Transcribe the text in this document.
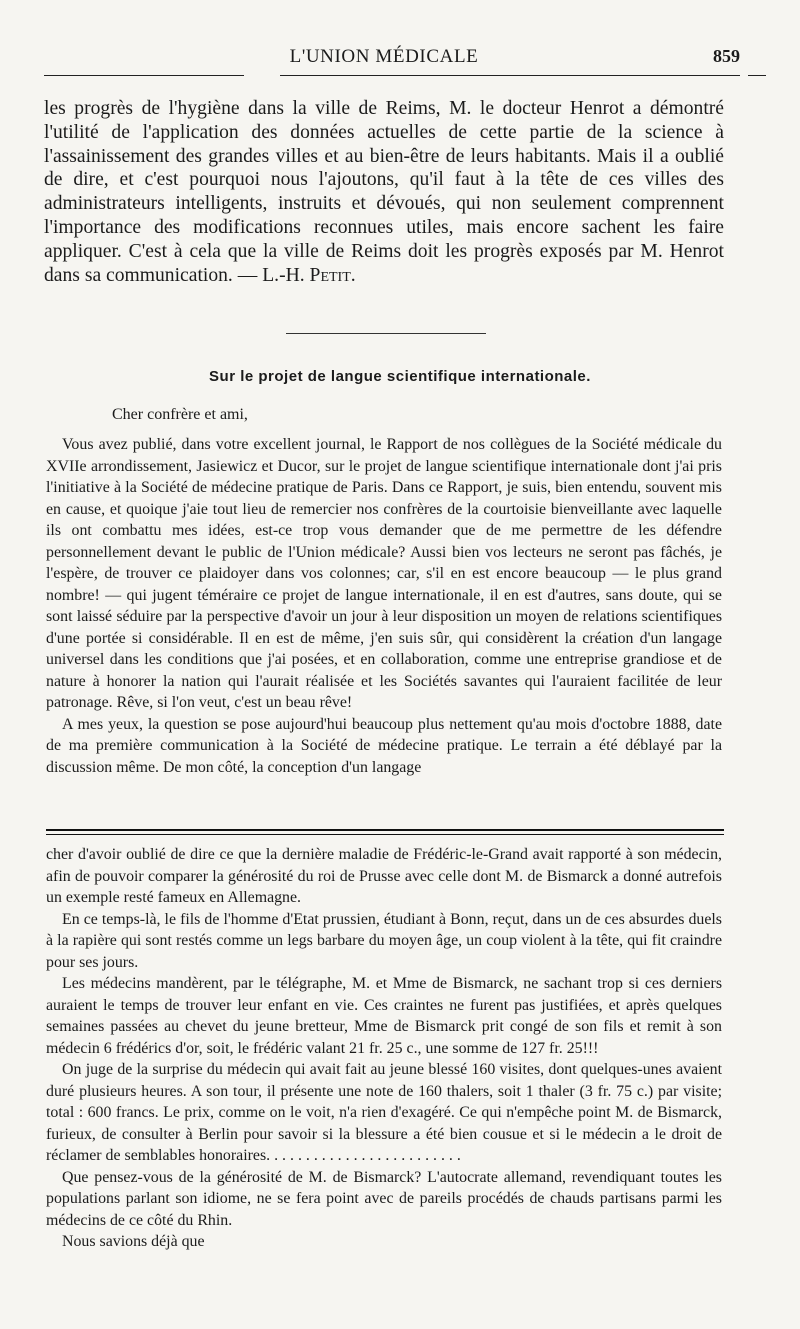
L'UNION MÉDICALE	859

les progrès de l'hygiène dans la ville de Reims, M. le docteur Henrot a démontré l'utilité de l'application des données actuelles de cette partie de la science à l'assainissement des grandes villes et au bien-être de leurs habitants. Mais il a oublié de dire, et c'est pourquoi nous l'ajoutons, qu'il faut à la tête de ces villes des administrateurs intelligents, instruits et dévoués, qui non seulement comprennent l'importance des modifications reconnues utiles, mais encore sachent les faire appliquer. C'est à cela que la ville de Reims doit les progrès exposés par M. Henrot dans sa communication. — L.-H. Petit.

Sur le projet de langue scientifique internationale.

Cher confrère et ami,

Vous avez publié, dans votre excellent journal, le Rapport de nos collègues de la Société médicale du XVIIe arrondissement, Jasiewicz et Ducor, sur le projet de langue scientifique internationale dont j'ai pris l'initiative à la Société de médecine pratique de Paris. Dans ce Rapport, je suis, bien entendu, souvent mis en cause, et quoique j'aie tout lieu de remercier nos confrères de la courtoisie bienveillante avec laquelle ils ont combattu mes idées, est-ce trop vous demander que de me permettre de les défendre personnellement devant le public de l'Union médicale? Aussi bien vos lecteurs ne seront pas fâchés, je l'espère, de trouver ce plaidoyer dans vos colonnes; car, s'il en est encore beaucoup — le plus grand nombre! — qui jugent téméraire ce projet de langue internationale, il en est d'autres, sans doute, qui se sont laissé séduire par la perspective d'avoir un jour à leur disposition un moyen de relations scientifiques d'une portée si considérable. Il en est de même, j'en suis sûr, qui considèrent la création d'un langage universel dans les conditions que j'ai posées, et en collaboration, comme une entreprise grandiose et de nature à honorer la nation qui l'aurait réalisée et les Sociétés savantes qui l'auraient facilitée de leur patronage. Rêve, si l'on veut, c'est un beau rêve!

A mes yeux, la question se pose aujourd'hui beaucoup plus nettement qu'au mois d'octobre 1888, date de ma première communication à la Société de médecine pratique. Le terrain a été déblayé par la discussion même. De mon côté, la conception d'un langage

cher d'avoir oublié de dire ce que la dernière maladie de Frédéric-le-Grand avait rapporté à son médecin, afin de pouvoir comparer la générosité du roi de Prusse avec celle dont M. de Bismarck a donné autrefois un exemple resté fameux en Allemagne.

En ce temps-là, le fils de l'homme d'Etat prussien, étudiant à Bonn, reçut, dans un de ces absurdes duels à la rapière qui sont restés comme un legs barbare du moyen âge, un coup violent à la tête, qui fit craindre pour ses jours.

Les médecins mandèrent, par le télégraphe, M. et Mme de Bismarck, ne sachant trop si ces derniers auraient le temps de trouver leur enfant en vie. Ces craintes ne furent pas justifiées, et après quelques semaines passées au chevet du jeune bretteur, Mme de Bismarck prit congé de son fils et remit à son médecin 6 frédérics d'or, soit, le frédéric valant 21 fr. 25 c., une somme de 127 fr. 25!!!

On juge de la surprise du médecin qui avait fait au jeune blessé 160 visites, dont quelques-unes avaient duré plusieurs heures. A son tour, il présente une note de 160 thalers, soit 1 thaler (3 fr. 75 c.) par visite; total : 600 francs. Le prix, comme on le voit, n'a rien d'exagéré. Ce qui n'empêche point M. de Bismarck, furieux, de consulter à Berlin pour savoir si la blessure a été bien cousue et si le médecin a le droit de réclamer de semblables honoraires. . . . . . . . . . . . . . . . . . . . . . . . .

Que pensez-vous de la générosité de M. de Bismarck? L'autocrate allemand, revendiquant toutes les populations parlant son idiome, ne se fera point avec de pareils procédés de chauds partisans parmi les médecins de ce côté du Rhin.

Nous savions déjà que
